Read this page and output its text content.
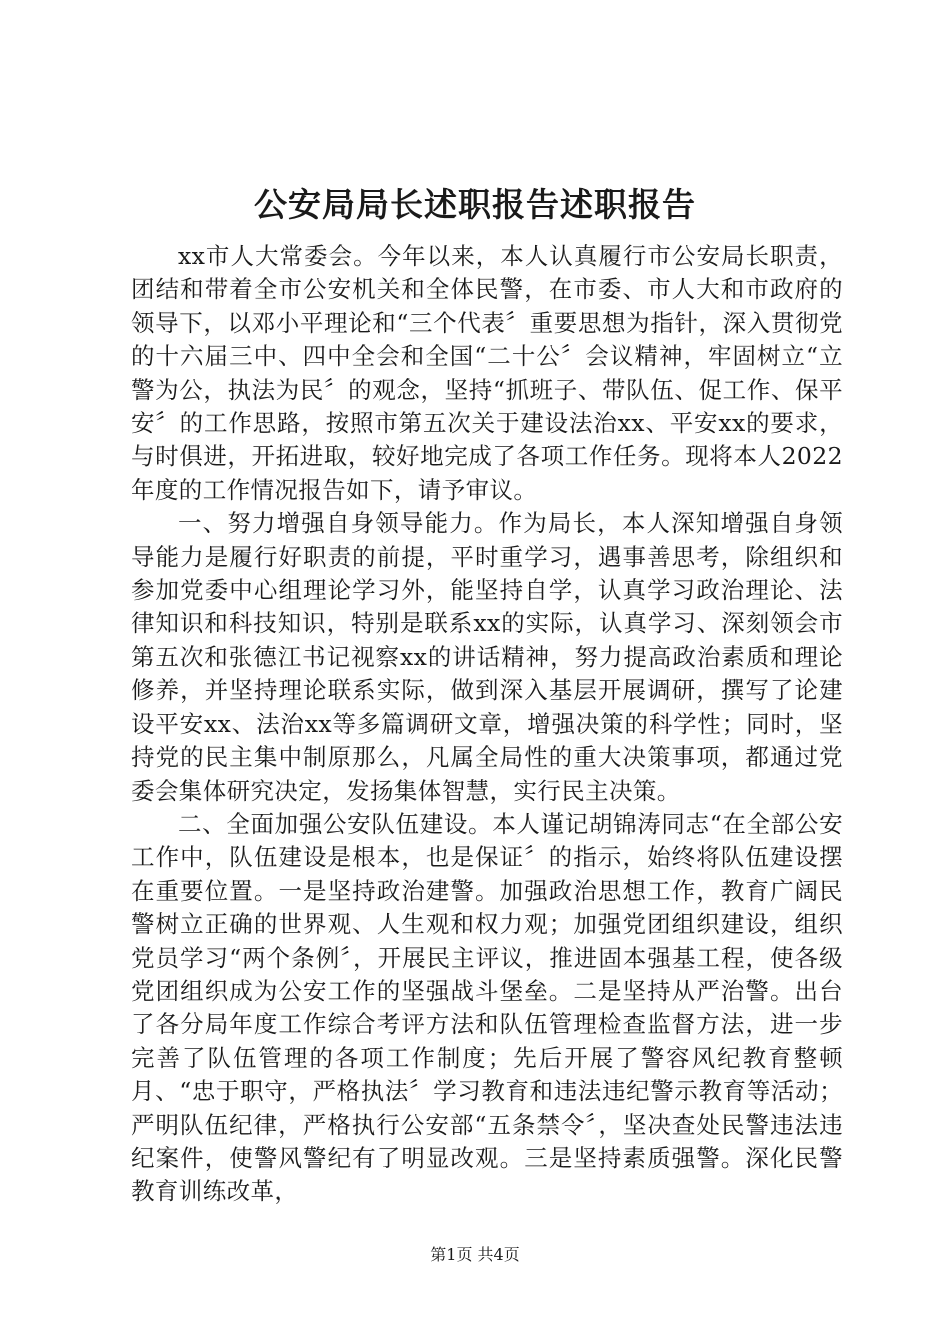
公安局局长述职报告述职报告

xx市人大常委会。今年以来，本人认真履行市公安局长职责，团结和带着全市公安机关和全体民警，在市委、市人大和市政府的领导下，以邓小平理论和“三个代表〞重要思想为指针，深入贯彻党的十六届三中、四中全会和全国“二十公〞会议精神，牢固树立“立警为公，执法为民〞的观念，坚持“抓班子、带队伍、促工作、保平安〞的工作思路，按照市第五次关于建设法治xx、平安xx的要求，与时俱进，开拓进取，较好地完成了各项工作任务。现将本人2022年度的工作情况报告如下，请予审议。

一、努力增强自身领导能力。作为局长，本人深知增强自身领导能力是履行好职责的前提，平时重学习，遇事善思考，除组织和参加党委中心组理论学习外，能坚持自学，认真学习政治理论、法律知识和科技知识，特别是联系xx的实际，认真学习、深刻领会市第五次和张德江书记视察xx的讲话精神，努力提高政治素质和理论修养，并坚持理论联系实际，做到深入基层开展调研，撰写了论建设平安xx、法治xx等多篇调研文章，增强决策的科学性；同时，坚持党的民主集中制原那么，凡属全局性的重大决策事项，都通过党委会集体研究决定，发扬集体智慧，实行民主决策。

二、全面加强公安队伍建设。本人谨记胡锦涛同志“在全部公安工作中，队伍建设是根本，也是保证〞的指示，始终将队伍建设摆在重要位置。一是坚持政治建警。加强政治思想工作，教育广阔民警树立正确的世界观、人生观和权力观；加强党团组织建设，组织党员学习“两个条例〞，开展民主评议，推进固本强基工程，使各级党团组织成为公安工作的坚强战斗堡垒。二是坚持从严治警。出台了各分局年度工作综合考评方法和队伍管理检查监督方法，进一步完善了队伍管理的各项工作制度；先后开展了警容风纪教育整顿月、“忠于职守，严格执法〞学习教育和违法违纪警示教育等活动；严明队伍纪律，严格执行公安部“五条禁令〞，坚决查处民警违法违纪案件，使警风警纪有了明显改观。三是坚持素质强警。深化民警教育训练改革，

第1页 共4页
